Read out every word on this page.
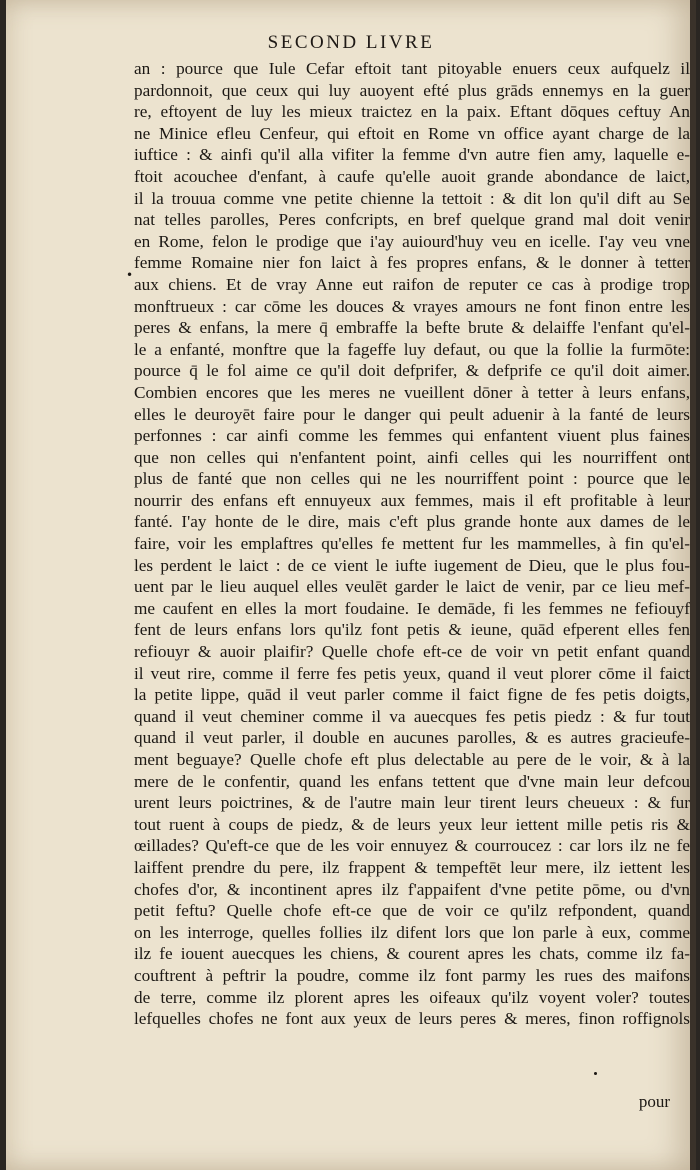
SECOND LIVRE
an : pource que Iule Cefar eftoit tant pitoyable enuers ceux aufquelz il
pardonnoit, que ceux qui luy auoyent efté plus grāds ennemys en la guer
re, eftoyent de luy les mieux traictez en la paix. Eftant dōques ceftuy An
ne Minice efleu Cenfeur, qui eftoit en Rome vn office ayant charge de la
iuftice : & ainfi qu'il alla vifiter la femme d'vn autre fien amy, laquelle e-
ftoit acouchee d'enfant, à caufe qu'elle auoit grande abondance de laict,
il la trouua comme vne petite chienne la tettoit : & dit lon qu'il dift au Se
nat telles parolles, Peres confcripts, en bref quelque grand mal doit venir
en Rome, felon le prodige que i'ay auiourd'huy veu en icelle. I'ay veu vne
femme Romaine nier fon laict à fes propres enfans, & le donner à tetter
aux chiens. Et de vray Anne eut raifon de reputer ce cas à prodige trop
monftrueux : car cōme les douces & vrayes amours ne font finon entre les
peres & enfans, la mere q̄ embraffe la befte brute & delaiffe l'enfant qu'el-
le a enfanté, monftre que la fageffe luy defaut, ou que la follie la furmōte:
pource q̄ le fol aime ce qu'il doit defprifer, & defprife ce qu'il doit aimer.
Combien encores que les meres ne vueillent dōner à tetter à leurs enfans,
elles le deuroyēt faire pour le danger qui peult aduenir à la fanté de leurs
perfonnes : car ainfi comme les femmes qui enfantent viuent plus faines
que non celles qui n'enfantent point, ainfi celles qui les nourriffent ont
plus de fanté que non celles qui ne les nourriffent point : pource que le
nourrir des enfans eft ennuyeux aux femmes, mais il eft profitable à leur
fanté. I'ay honte de le dire, mais c'eft plus grande honte aux dames de le
faire, voir les emplaftres qu'elles fe mettent fur les mammelles, à fin qu'el-
les perdent le laict : de ce vient le iufte iugement de Dieu, que le plus fou-
uent par le lieu auquel elles veulēt garder le laict de venir, par ce lieu mef-
me caufent en elles la mort foudaine. Ie demāde, fi les femmes ne fefiouyf
fent de leurs enfans lors qu'ilz font petis & ieune, quād efperent elles fen
refiouyr & auoir plaifir? Quelle chofe eft-ce de voir vn petit enfant quand
il veut rire, comme il ferre fes petis yeux, quand il veut plorer cōme il faict
la petite lippe, quād il veut parler comme il faict figne de fes petis doigts,
quand il veut cheminer comme il va auecques fes petis piedz : & fur tout
quand il veut parler, il double en aucunes parolles, & es autres gracieufe-
ment beguaye? Quelle chofe eft plus delectable au pere de le voir, & à la
mere de le confentir, quand les enfans tettent que d'vne main leur defcou
urent leurs poictrines, & de l'autre main leur tirent leurs cheueux : & fur
tout ruent à coups de piedz, & de leurs yeux leur iettent mille petis ris &
œillades? Qu'eft-ce que de les voir ennuyez & courroucez : car lors ilz ne fe
laiffent prendre du pere, ilz frappent & tempeftēt leur mere, ilz iettent les
chofes d'or, & incontinent apres ilz f'appaifent d'vne petite pōme, ou d'vn
petit feftu? Quelle chofe eft-ce que de voir ce qu'ilz refpondent, quand
on les interroge, quelles follies ilz difent lors que lon parle à eux, comme
ilz fe iouent auecques les chiens, & courent apres les chats, comme ilz fa-
couftrent à peftrir la poudre, comme ilz font parmy les rues des maifons
de terre, comme ilz plorent apres les oifeaux qu'ilz voyent voler? toutes
lefquelles chofes ne font aux yeux de leurs peres & meres, finon roffignols
•
pour
